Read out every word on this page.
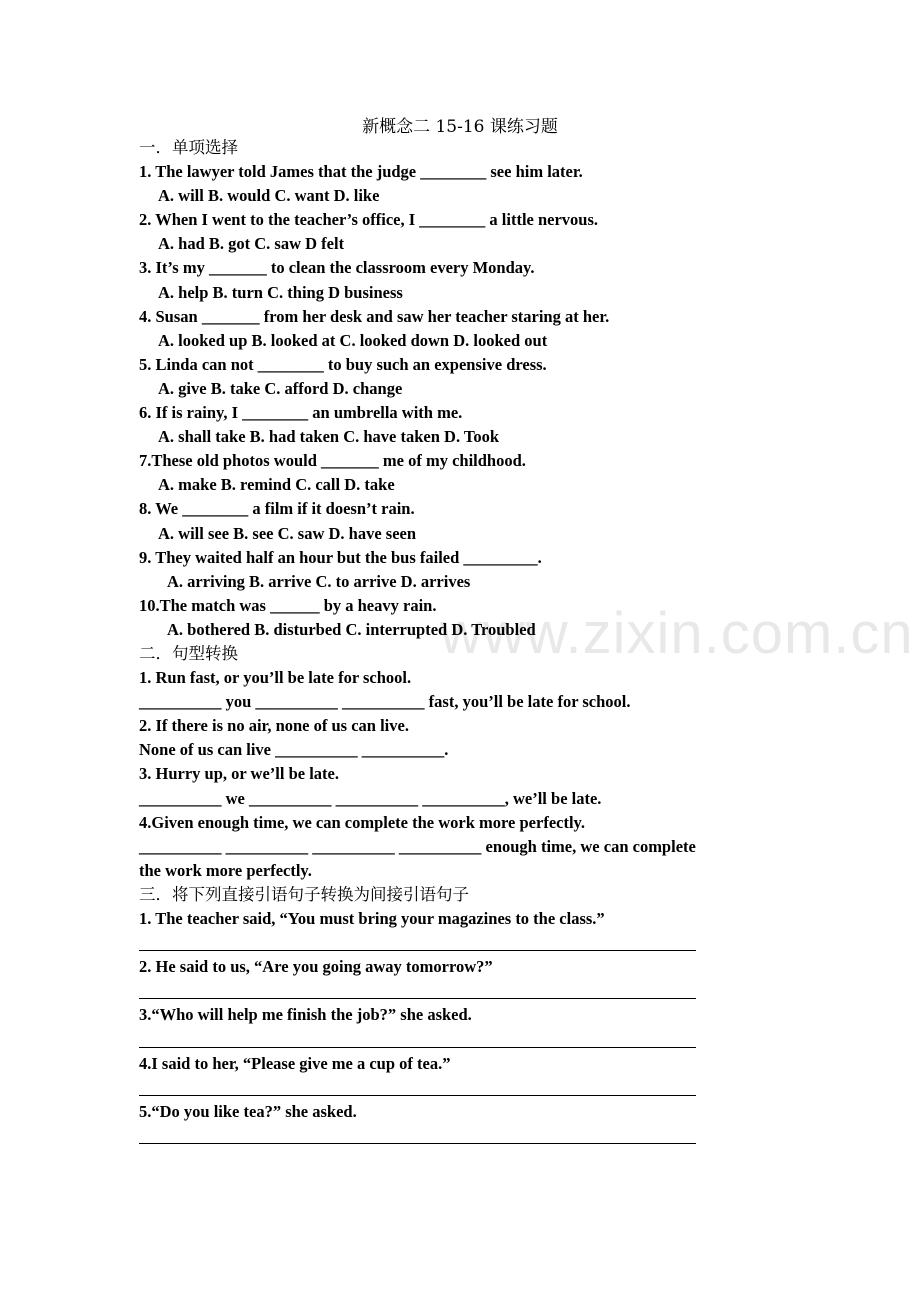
新概念二 15-16 课练习题
一．单项选择
1. The lawyer told James that the judge ________ see him later.
A. will B. would C. want D. like
2. When I went to the teacher’s office, I ________ a little nervous.
A. had B. got C. saw D felt
3. It’s my _______ to clean the classroom every Monday.
A. help B. turn C. thing D business
4. Susan _______ from her desk and saw her teacher staring at her.
A. looked up B. looked at C. looked down D. looked out
5. Linda can not ________ to buy such an expensive dress.
A. give B. take C. afford D. change
6. If is rainy, I ________ an umbrella with me.
A. shall take B. had taken C. have taken D. Took
7.These old photos would _______ me of my childhood.
A. make B. remind C. call D. take
8. We ________ a film if it doesn’t rain.
A. will see B. see C. saw D. have seen
9. They waited half an hour but the bus failed _________.
A. arriving B. arrive C. to arrive D. arrives
10.The match was ______ by a heavy rain.
A. bothered B. disturbed C. interrupted D. Troubled
二．句型转换
1. Run fast, or you’ll be late for school.
__________ you __________ __________ fast, you’ll be late for school.
2. If there is no air, none of us can live.
None of us can live __________ __________.
3. Hurry up, or we’ll be late.
__________ we __________ __________ __________, we’ll be late.
4.Given enough time, we can complete the work more perfectly.
__________ __________ __________ __________ enough time, we can complete
the work more perfectly.
三．将下列直接引语句子转换为间接引语句子
1. The teacher said, “You must bring your magazines to the class.”
2. He said to us, “Are you going away tomorrow?”
3.“Who will help me finish the job?” she asked.
4.I said to her, “Please give me a cup of tea.”
5.“Do you like tea?” she asked.
www.zixin.com.cn
